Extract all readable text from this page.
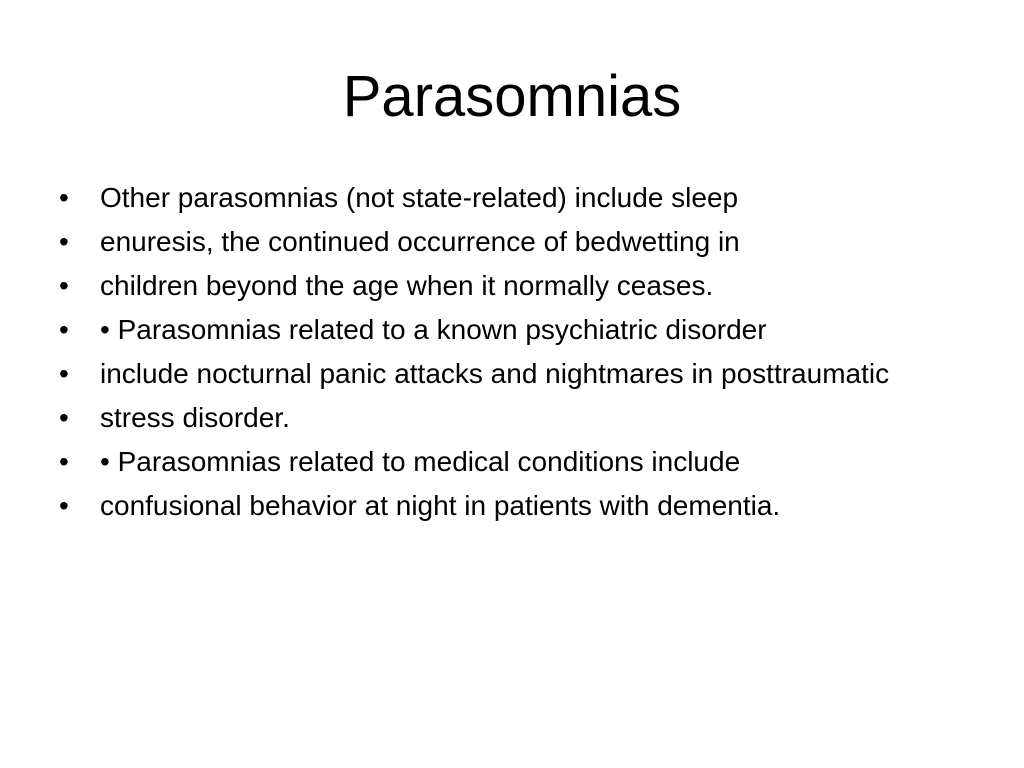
Parasomnias
•	Other parasomnias (not state-related) include sleep
•	enuresis, the continued occurrence of bedwetting in
•	children beyond the age when it normally ceases.
•	• Parasomnias related to a known psychiatric disorder
•	include nocturnal panic attacks and nightmares in posttraumatic
•	stress disorder.
•	• Parasomnias related to medical conditions include
•	confusional behavior at night in patients with dementia.
